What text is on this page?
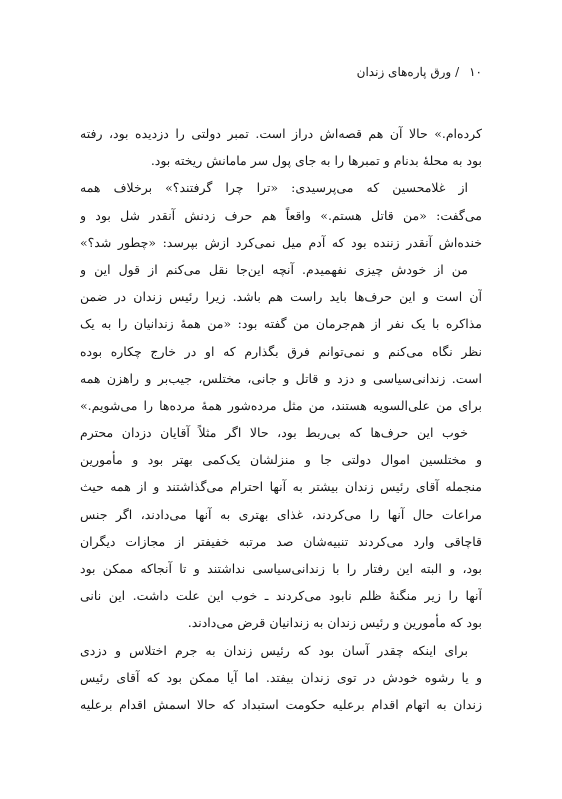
۱۰/ ورق پاره‌های زندان
کرده‌ام.» حالا آن هم قصه‌اش دراز است. تمبر دولتی را دزدیده بود، رفته
بود به محلهٔ بدنام و تمبرها را به جای پول سر مامانش ریخته بود.
از غلامحسین که می‌پرسیدی: «ترا چرا گرفتند؟» برخلاف همه
می‌گفت: «من قاتل هستم.» واقعاً هم حرف زدنش آنقدر شل بود و
خنده‌اش آنقدر زننده بود که آدم میل نمی‌کرد ازش بپرسد: «چطور شد؟»
من از خودش چیزی نفهمیدم. آنچه این‌جا نقل می‌کنم از قول این و
آن است و این حرف‌ها باید راست هم باشد. زیرا رئیس زندان در ضمن
مذاکره با یک نفر از هم‌جرمان من گفته بود: «من همهٔ زندانیان را به یک
نظر نگاه می‌کنم و نمی‌توانم فرق بگذارم که او در خارج چکاره بوده
است. زندانی‌سیاسی و دزد و قاتل و جانی، مختلس، جیب‌بر و راهزن همه
برای من علی‌السویه هستند، من مثل مرده‌شور همهٔ مرده‌ها را می‌شویم.»
خوب این حرف‌ها که بی‌ربط بود، حالا اگر مثلاً آقایان دزدان محترم
و مختلسین اموال دولتی جا و منزلشان یک‌کمی بهتر بود و مأمورین
منجمله آقای رئیس زندان بیشتر به آنها احترام می‌گذاشتند و از همه حیث
مراعات حال آنها را می‌کردند، غذای بهتری به آنها می‌دادند، اگر جنس
قاچاقی وارد می‌کردند تنبیه‌شان صد مرتبه خفیفتر از مجازات دیگران
بود، و البته این رفتار را با زندانی‌سیاسی نداشتند و تا آنجاکه ممکن بود
آنها را زیر منگنهٔ ظلم نابود می‌کردند ـ خوب این علت داشت. این نانی
بود که مأمورین و رئیس زندان به زندانیان قرض می‌دادند.
برای اینکه چقدر آسان بود که رئیس زندان به جرم اختلاس و دزدی
و یا رشوه خودش در توی زندان بیفتد. اما آیا ممکن بود که آقای رئیس
زندان به اتهام اقدام برعلیه حکومت استبداد که حالا اسمش اقدام برعلیه
